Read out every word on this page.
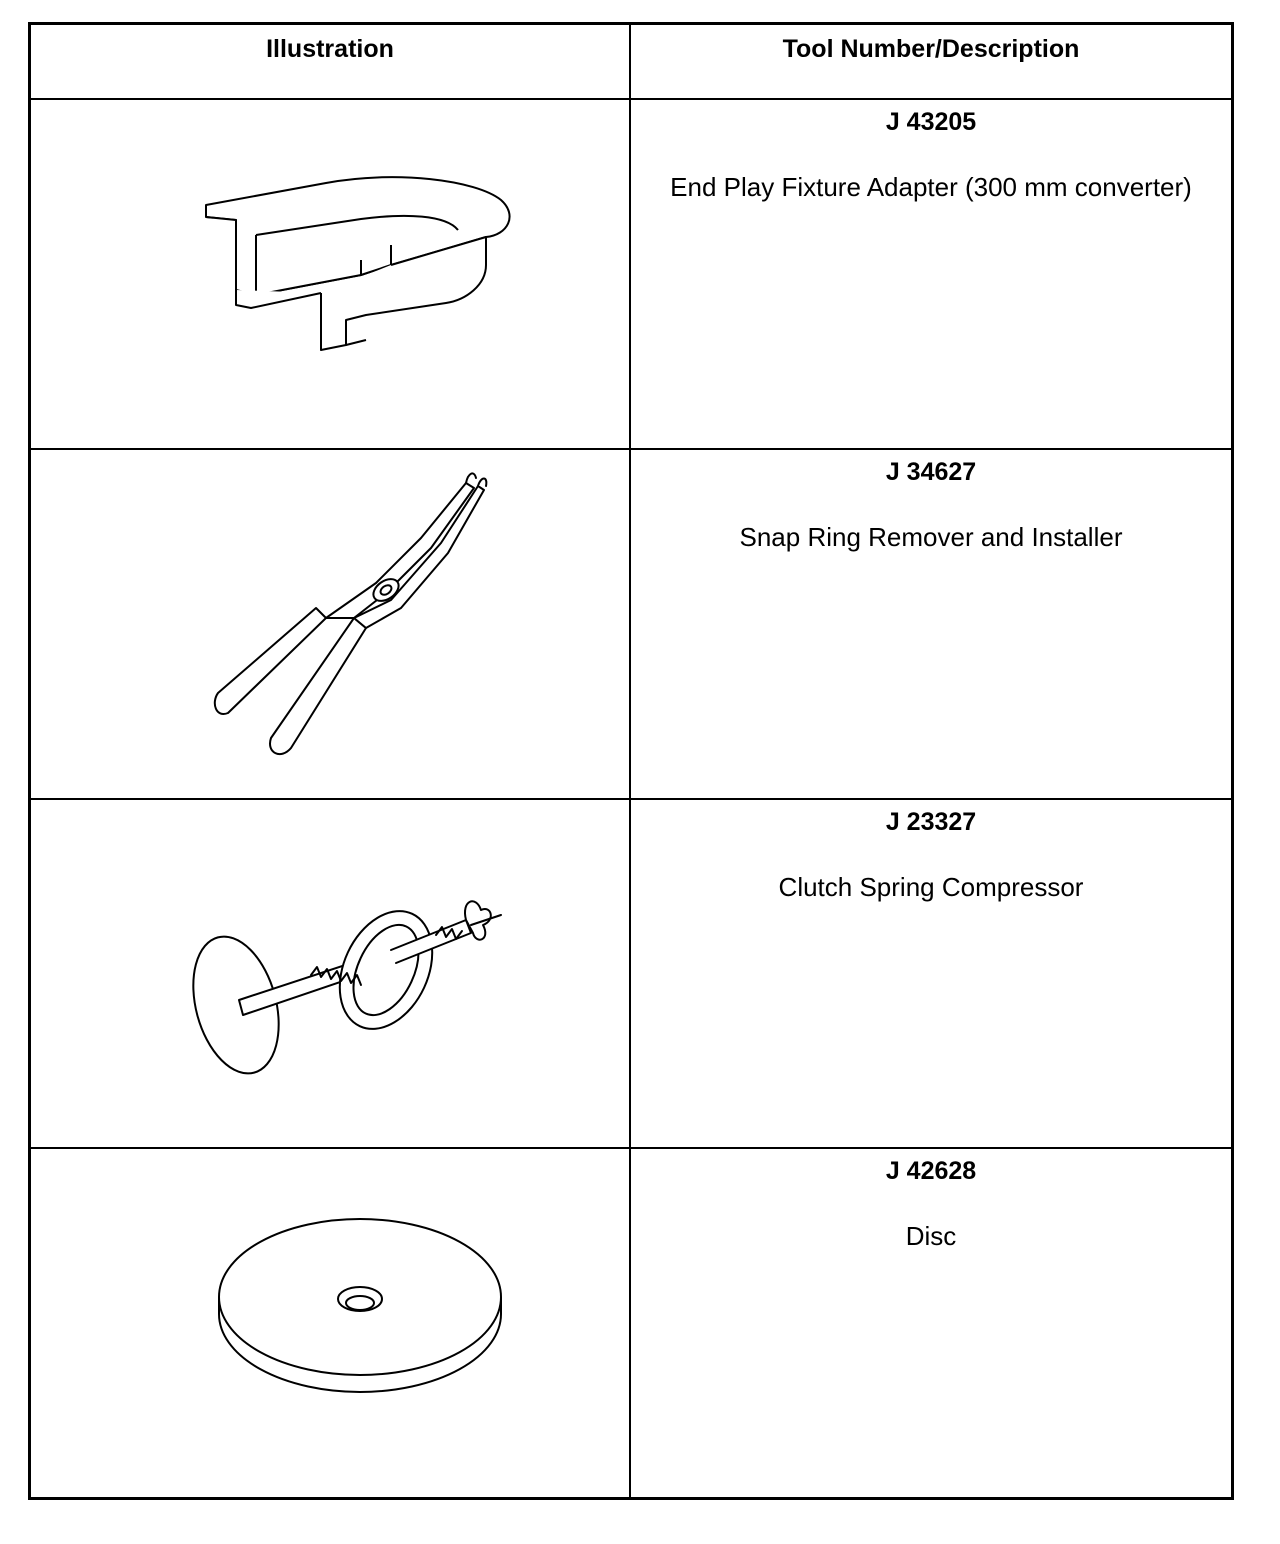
Illustration	Tool Number/Description
J 43205
End Play Fixture Adapter (300 mm converter)
J 34627
Snap Ring Remover and Installer
J 23327
Clutch Spring Compressor
J 42628
Disc
